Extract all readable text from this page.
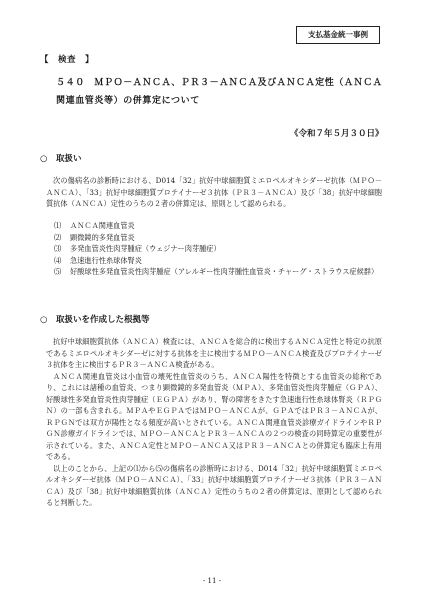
支払基金統一事例
【　検査　】
５４０　ＭＰＯ－ＡＮＣＡ、ＰＲ３－ＡＮＣＡ及びＡＮＣＡ定性（ＡＮＣＡ関連血管炎等）の併算定について
《令和７年５月３０日》
○ 取扱い
次の傷病名の診断時における、D014「32」抗好中球細胞質ミエロペルオキシダーゼ抗体（ＭＰＯ－ＡＮＣＡ）、「33」抗好中球細胞質プロテイナーゼ３抗体（ＰＲ３－ＡＮＣＡ）及び「38」抗好中球細胞質抗体（ＡＮＣＡ）定性のうちの２者の併算定は、原則として認められる。
⑴	ＡＮＣＡ関連血管炎
⑵	顕微鏡的多発血管炎
⑶	多発血管炎性肉芽腫症（ウェジナー肉芽腫症）
⑷	急速進行性糸球体腎炎
⑸	好酸球性多発血管炎性肉芽腫症（アレルギー性肉芽腫性血管炎・チャーグ・ストラウス症候群）
○ 取扱いを作成した根拠等
抗好中球細胞質抗体（ＡＮＣＡ）検査には、ＡＮＣＡを総合的に検出するＡＮＣＡ定性と特定の抗原であるミエロペルオキシダーゼに対する抗体を主に検出するＭＰＯ－ＡＮＣＡ検査及びプロテイナーゼ３抗体を主に検出するＰＲ３－ＡＮＣＡ検査がある。
ＡＮＣＡ関連血管炎は小血管の壊死性血管炎のうち、ＡＮＣＡ陽性を特徴とする血管炎の総称であり、これには諸種の血管炎、つまり顕微鏡的多発血管炎（ＭＰＡ）、多発血管炎性肉芽腫症（ＧＰＡ）、好酸球性多発血管炎性肉芽腫症（ＥＧＰＡ）があり、腎の障害をきたす急速進行性糸球体腎炎（ＲＰＧＮ）の一部も含まれる。ＭＰＡやＥＧＰＡではＭＰＯ－ＡＮＣＡが、ＧＰＡではＰＲ３－ＡＮＣＡが、ＲＰＧＮでは双方が陽性となる頻度が高いとされている。ＡＮＣＡ関連血管炎診療ガイドラインやＲＰＧＮ診療ガイドラインでは、ＭＰＯ－ＡＮＣＡとＰＲ３－ＡＮＣＡの２つの検査の同時算定の重要性が示されている。また、ＡＮＣＡ定性とＭＰＯ－ＡＮＣＡ又はＰＲ３－ＡＮＣＡとの併算定も臨床上有用である。
以上のことから、上記の⑴から⑸の傷病名の診断時における、D014「32」抗好中球細胞質ミエロペルオキシダーゼ抗体（ＭＰＯ－ＡＮＣＡ）、「33」抗好中球細胞質プロテイナーゼ３抗体（ＰＲ３－ＡＮＣＡ）及び「38」抗好中球細胞質抗体（ＡＮＣＡ）定性のうちの２者の併算定は、原則として認められると判断した。
- 11 -
